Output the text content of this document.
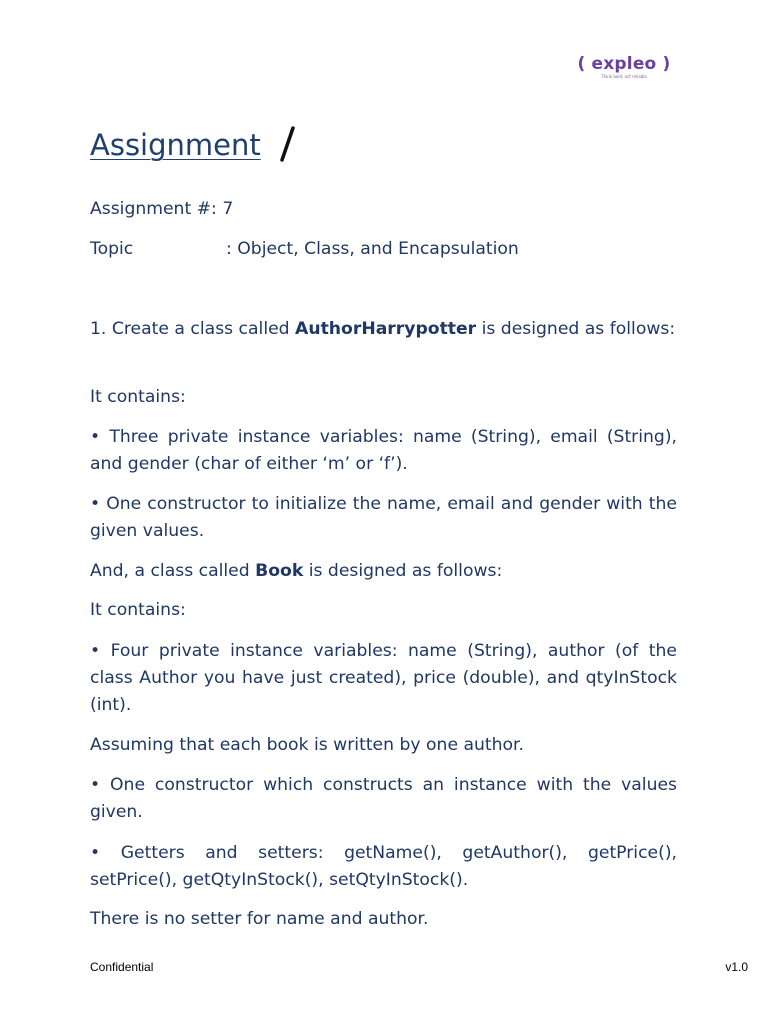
( expleo )
Think bold, act reliable
Assignment
Assignment #: 7
Topic	: Object, Class, and Encapsulation
1. Create a class called AuthorHarrypotter is designed as follows:
It contains:
• Three private instance variables: name (String), email (String), and gender (char of either ‘m’ or ‘f’).
• One constructor to initialize the name, email and gender with the given values.
And, a class called Book is designed as follows:
It contains:
• Four private instance variables: name (String), author (of the class Author you have just created), price (double), and qtyInStock (int).
Assuming that each book is written by one author.
• One constructor which constructs an instance with the values given.
• Getters and setters: getName(), getAuthor(), getPrice(), setPrice(), getQtyInStock(), setQtyInStock().
There is no setter for name and author.
Confidential	v1.0
